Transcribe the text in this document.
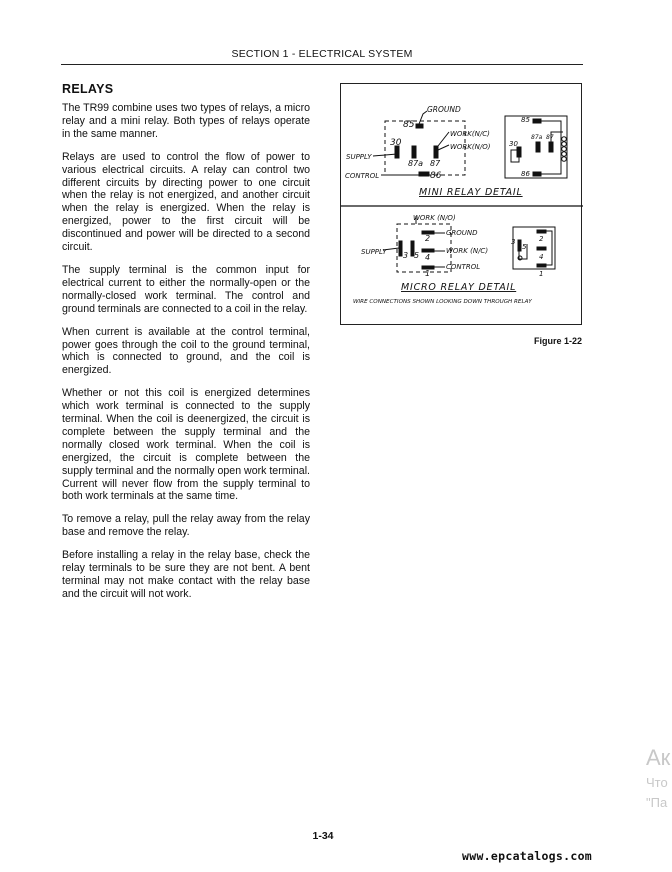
SECTION 1 - ELECTRICAL SYSTEM
RELAYS

The TR99 combine uses two types of relays, a micro relay and a mini relay. Both types of relays operate in the same manner.

Relays are used to control the flow of power to various electrical circuits. A relay can control two different circuits by directing power to one circuit when the relay is not energized, and another circuit when the relay is energized. When the relay is energized, power to the first circuit will be discontinued and power will be directed to a second circuit.

The supply terminal is the common input for electrical current to either the normally-open or the normally-closed work terminal. The control and ground terminals are connected to a coil in the relay.

When current is available at the control terminal, power goes through the coil to the ground terminal, which is connected to ground, and the coil is energized.

Whether or not this coil is energized determines which work terminal is connected to the supply terminal. When the coil is deenergized, the circuit is complete between the supply terminal and the normally closed work terminal. When the coil is energized, the circuit is complete between the supply terminal and the normally open work terminal. Current will never flow from the supply terminal to both work terminals at the same time.

To remove a relay, pull the relay away from the relay base and remove the relay.

Before installing a relay in the relay base, check the relay terminals to be sure they are not bent. A bent terminal may not make contact with the relay base and the circuit will not work.

GROUND
85
WORK(N/C)
WORK(N/O)
30
87a 87
SUPPLY
CONTROL	86
85
30
87a 87
86
MINI RELAY DETAIL
WORK (N/O)
2
GROUND
WORK (N/C)
CONTROL
SUPPLY 3 5 4
1
2
3
5
4
1
MICRO RELAY DETAIL
WIRE CONNECTIONS SHOWN LOOKING DOWN THROUGH RELAY
Figure 1-22
1-34
www.epcatalogs.com
Ак
Что
"Па
